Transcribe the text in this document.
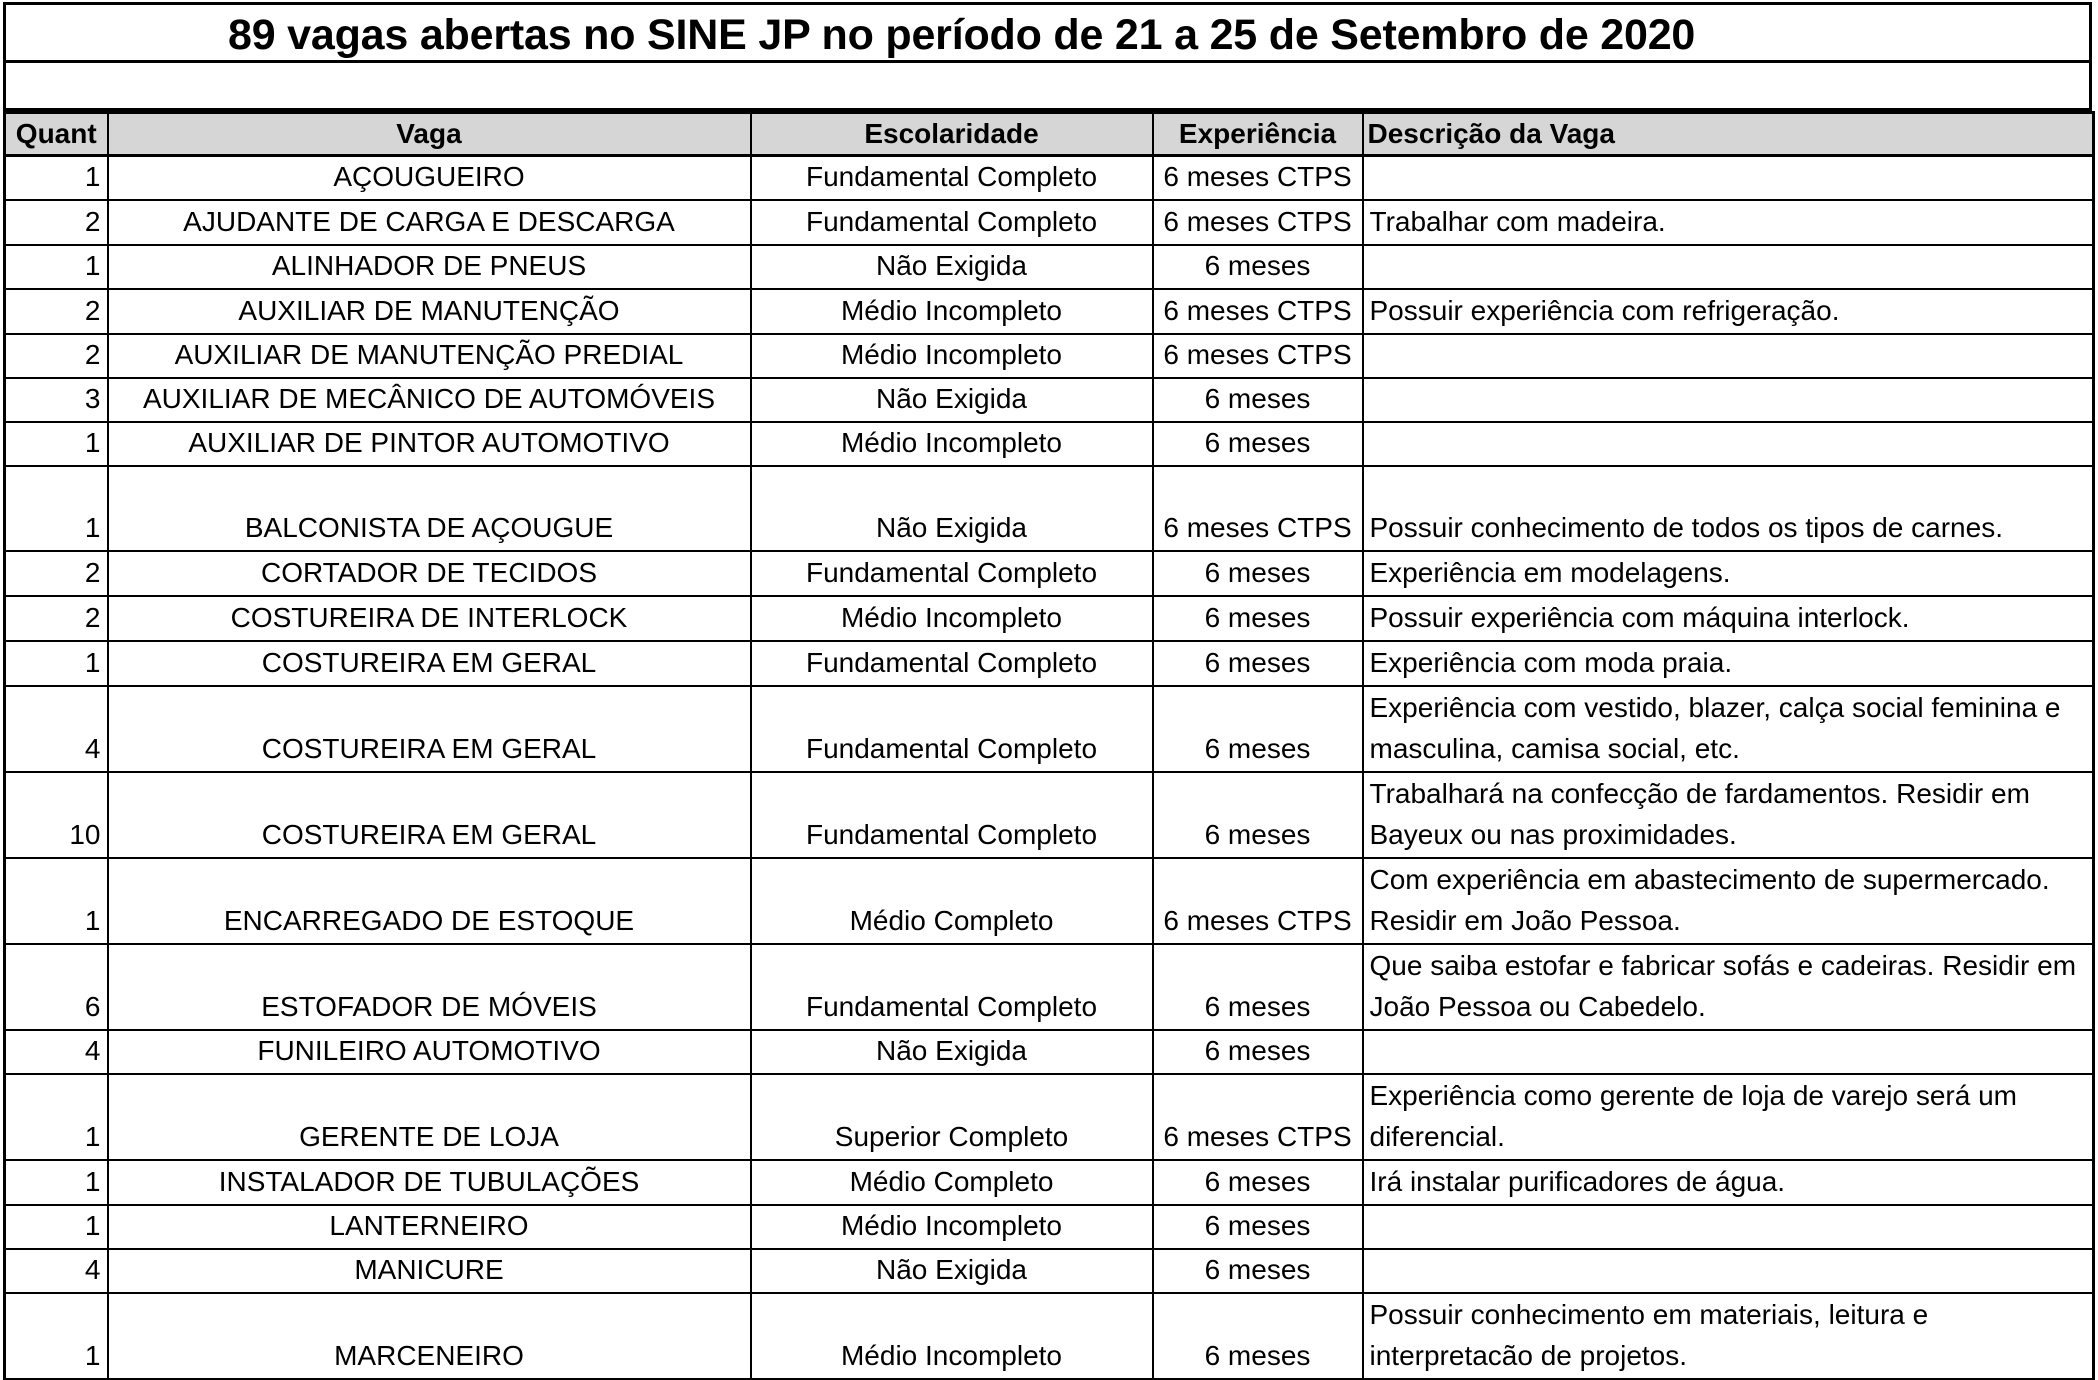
89 vagas abertas no SINE JP no período de 21 a 25 de Setembro de 2020
Quant	Vaga	Escolaridade	Experiência	Descrição da Vaga
1	AÇOUGUEIRO	Fundamental Completo	6 meses CTPS	
2	AJUDANTE DE CARGA E DESCARGA	Fundamental Completo	6 meses CTPS	Trabalhar com madeira.
1	ALINHADOR DE PNEUS	Não Exigida	6 meses	
2	AUXILIAR DE MANUTENÇÃO	Médio Incompleto	6 meses CTPS	Possuir experiência com refrigeração.
2	AUXILIAR DE MANUTENÇÃO PREDIAL	Médio Incompleto	6 meses CTPS	
3	AUXILIAR DE MECÂNICO DE AUTOMÓVEIS	Não Exigida	6 meses	
1	AUXILIAR DE PINTOR AUTOMOTIVO	Médio Incompleto	6 meses	
1	BALCONISTA DE AÇOUGUE	Não Exigida	6 meses CTPS	Possuir conhecimento de todos os tipos de carnes.
2	CORTADOR DE TECIDOS	Fundamental Completo	6 meses	Experiência em modelagens.
2	COSTUREIRA DE INTERLOCK	Médio Incompleto	6 meses	Possuir experiência com máquina interlock.
1	COSTUREIRA EM GERAL	Fundamental Completo	6 meses	Experiência com moda praia.
4	COSTUREIRA EM GERAL	Fundamental Completo	6 meses	Experiência com vestido, blazer, calça social feminina e masculina, camisa social, etc.
10	COSTUREIRA EM GERAL	Fundamental Completo	6 meses	Trabalhará na confecção de fardamentos. Residir em Bayeux ou nas proximidades.
1	ENCARREGADO DE ESTOQUE	Médio Completo	6 meses CTPS	Com experiência em abastecimento de supermercado. Residir em João Pessoa.
6	ESTOFADOR DE MÓVEIS	Fundamental Completo	6 meses	Que saiba estofar e fabricar sofás e cadeiras. Residir em João Pessoa ou Cabedelo.
4	FUNILEIRO AUTOMOTIVO	Não Exigida	6 meses	
1	GERENTE DE LOJA	Superior Completo	6 meses CTPS	Experiência como gerente de loja de varejo será um diferencial.
1	INSTALADOR DE TUBULAÇÕES	Médio Completo	6 meses	Irá instalar purificadores de água.
1	LANTERNEIRO	Médio Incompleto	6 meses	
4	MANICURE	Não Exigida	6 meses	
1	MARCENEIRO	Médio Incompleto	6 meses	Possuir conhecimento em materiais, leitura e interpretacão de projetos.
